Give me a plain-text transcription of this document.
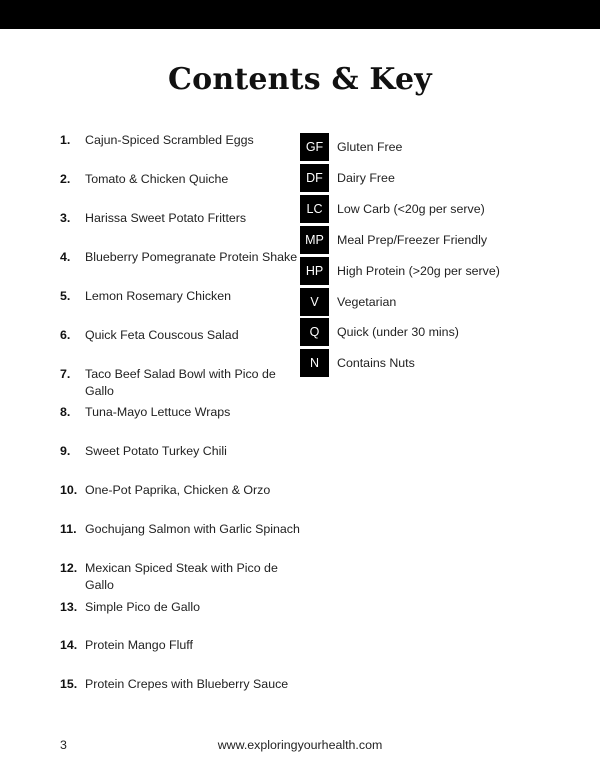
Contents & Key
1.	Cajun-Spiced Scrambled Eggs
2.	Tomato & Chicken Quiche
3.	Harissa Sweet Potato Fritters
4.	Blueberry Pomegranate Protein Shake
5.	Lemon Rosemary Chicken
6.	Quick Feta Couscous Salad
7.	Taco Beef Salad Bowl with Pico de Gallo
8.	Tuna-Mayo Lettuce Wraps
9.	Sweet Potato Turkey Chili
10. One-Pot Paprika, Chicken & Orzo
11. Gochujang Salmon with Garlic Spinach
12. Mexican Spiced Steak with Pico de Gallo
13. Simple Pico de Gallo
14. Protein Mango Fluff
15. Protein Crepes with Blueberry Sauce
GF	Gluten Free
DF	Dairy Free
LC	Low Carb (<20g per serve)
MP	Meal Prep/Freezer Friendly
HP	High Protein (>20g per serve)
V	Vegetarian
Q	Quick (under 30 mins)
N	Contains Nuts
3	www.exploringyourhealth.com
